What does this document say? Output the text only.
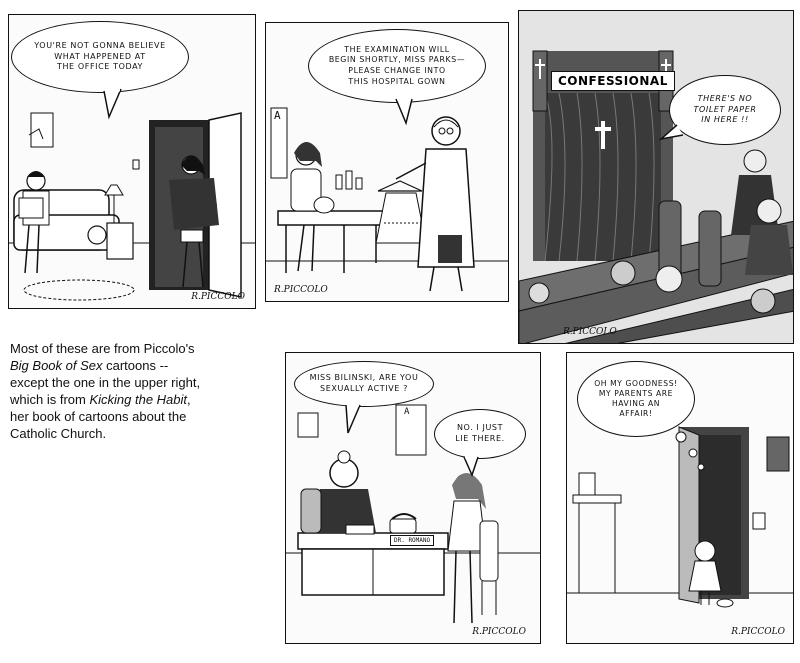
YOU'RE NOT GONNA BELIEVE
WHAT HAPPENED AT
THE OFFICE TODAY
R.PICCOLO
A
THE EXAMINATION WILL
BEGIN SHORTLY, MISS PARKS—
PLEASE CHANGE INTO
THIS HOSPITAL GOWN
R.PICCOLO
CONFESSIONAL
THERE'S NO
TOILET PAPER
IN HERE !!
R.PICCOLO
A
MISS BILINSKI, ARE YOU
SEXUALLY ACTIVE ?
NO. I JUST
LIE THERE.
DR. ROMANO
R.PICCOLO
OH MY GOODNESS!
MY PARENTS ARE
HAVING AN
AFFAIR!
R.PICCOLO
Most of these are from Piccolo's
Big Book of Sex cartoons --
except the one in the upper right,
which is from Kicking the Habit,
her book of cartoons about the
Catholic Church.
